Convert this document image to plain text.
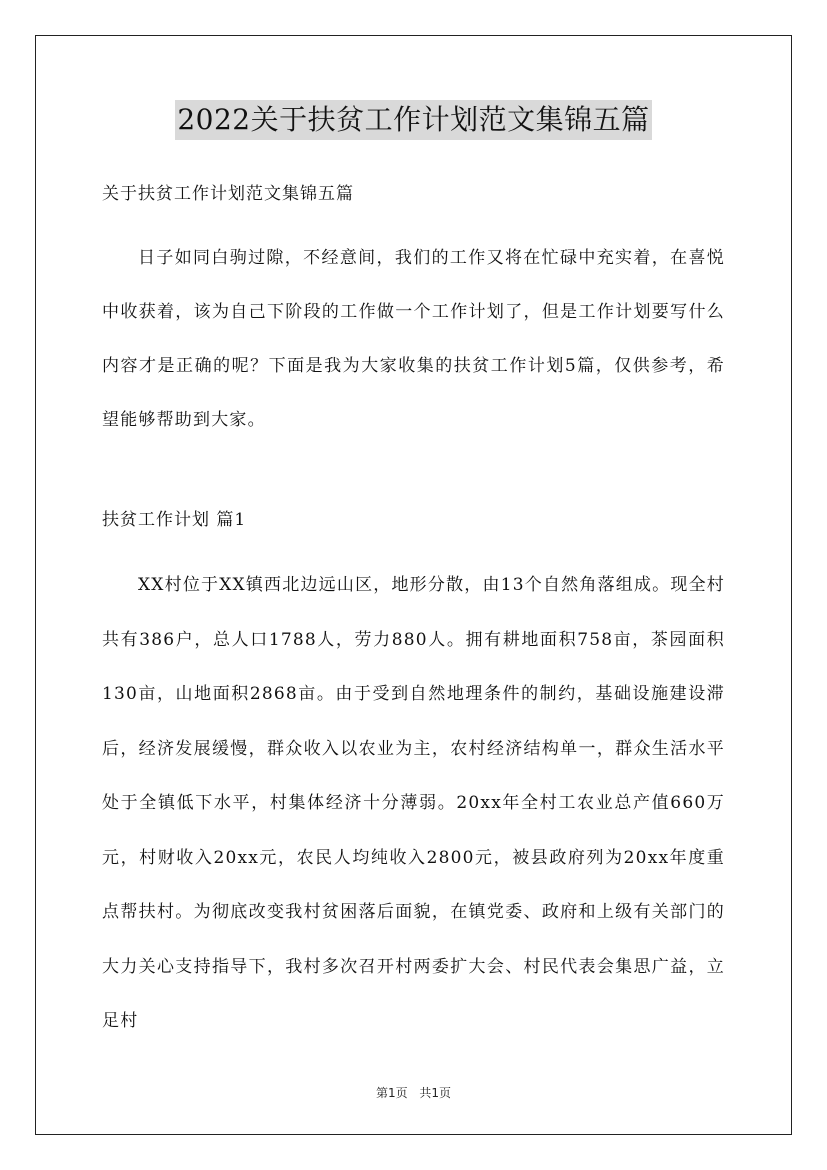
2022关于扶贫工作计划范文集锦五篇
关于扶贫工作计划范文集锦五篇

日子如同白驹过隙，不经意间，我们的工作又将在忙碌中充实着，在喜悦中收获着，该为自己下阶段的工作做一个工作计划了，但是工作计划要写什么内容才是正确的呢？下面是我为大家收集的扶贫工作计划5篇，仅供参考，希望能够帮助到大家。

扶贫工作计划 篇1

XX村位于XX镇西北边远山区，地形分散，由13个自然角落组成。现全村共有386户，总人口1788人，劳力880人。拥有耕地面积758亩，茶园面积130亩，山地面积2868亩。由于受到自然地理条件的制约，基础设施建设滞后，经济发展缓慢，群众收入以农业为主，农村经济结构单一，群众生活水平处于全镇低下水平，村集体经济十分薄弱。20xx年全村工农业总产值660万元，村财收入20xx元，农民人均纯收入2800元，被县政府列为20xx年度重点帮扶村。为彻底改变我村贫困落后面貌，在镇党委、政府和上级有关部门的大力关心支持指导下，我村多次召开村两委扩大会、村民代表会集思广益，立足村

第1页 共1页
